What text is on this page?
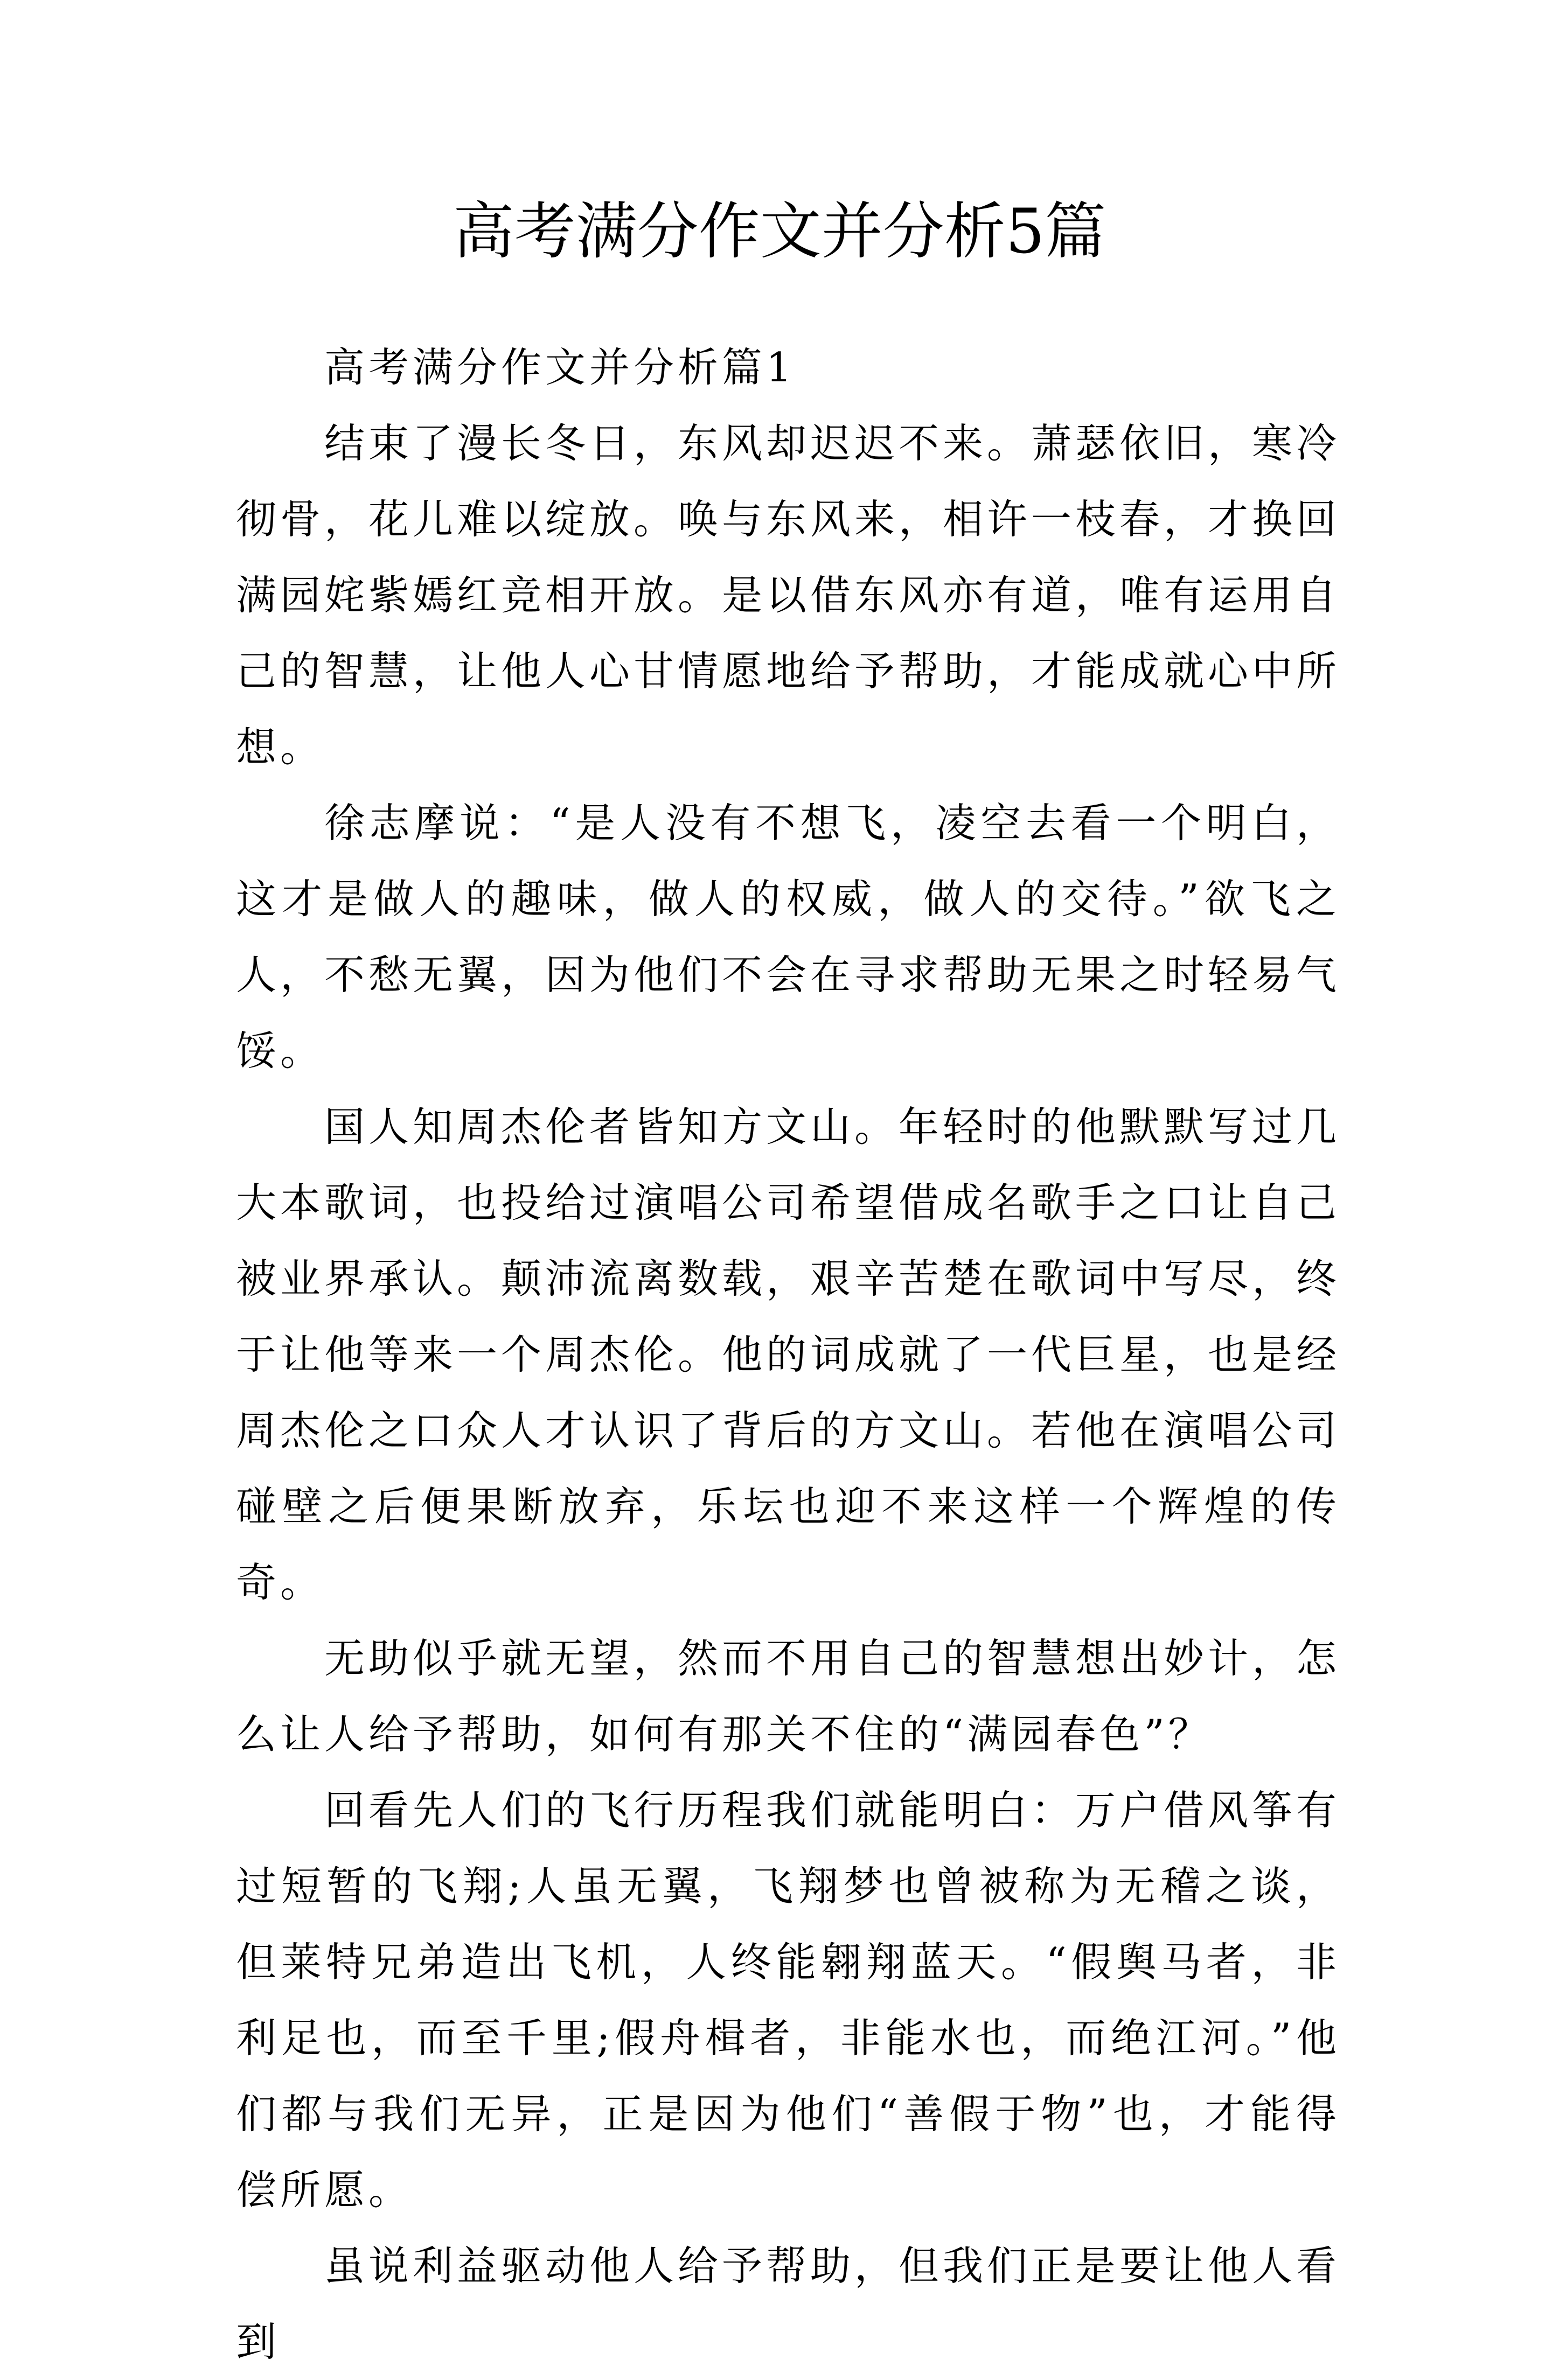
高考满分作文并分析5篇

高考满分作文并分析篇1

结束了漫长冬日，东风却迟迟不来。萧瑟依旧，寒冷彻骨，花儿难以绽放。唤与东风来，相许一枝春，才换回满园姹紫嫣红竞相开放。是以借东风亦有道，唯有运用自己的智慧，让他人心甘情愿地给予帮助，才能成就心中所想。

徐志摩说：“是人没有不想飞，凌空去看一个明白，这才是做人的趣味，做人的权威，做人的交待。”欲飞之人，不愁无翼，因为他们不会在寻求帮助无果之时轻易气馁。

国人知周杰伦者皆知方文山。年轻时的他默默写过几大本歌词，也投给过演唱公司希望借成名歌手之口让自己被业界承认。颠沛流离数载，艰辛苦楚在歌词中写尽，终于让他等来一个周杰伦。他的词成就了一代巨星，也是经周杰伦之口众人才认识了背后的方文山。若他在演唱公司碰壁之后便果断放弃，乐坛也迎不来这样一个辉煌的传奇。

无助似乎就无望，然而不用自己的智慧想出妙计，怎么让人给予帮助，如何有那关不住的“满园春色”？

回看先人们的飞行历程我们就能明白：万户借风筝有过短暂的飞翔;人虽无翼，飞翔梦也曾被称为无稽之谈，但莱特兄弟造出飞机，人终能翱翔蓝天。“假舆马者，非利足也，而至千里;假舟楫者，非能水也，而绝江河。”他们都与我们无异，正是因为他们“善假于物”也，才能得偿所愿。

虽说利益驱动他人给予帮助，但我们正是要让他人看到
